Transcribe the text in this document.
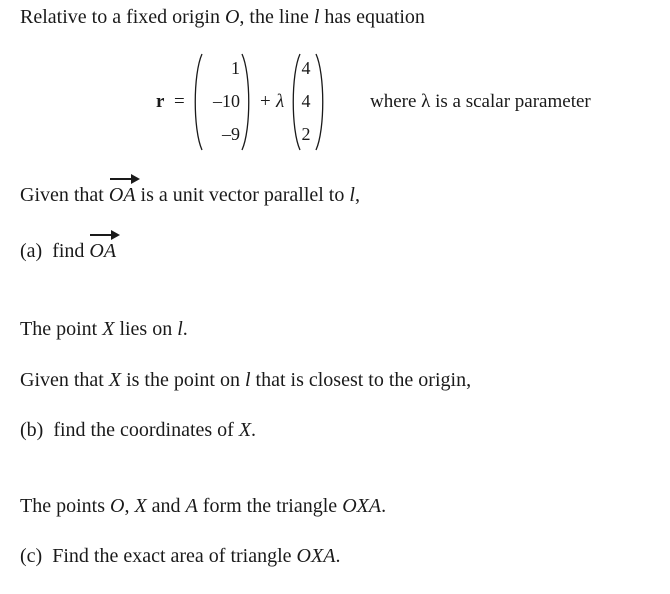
Relative to a fixed origin O, the line l has equation
r =
1
–10
–9
+ λ
4
4
2
where λ is a scalar parameter
Given that OA is a unit vector parallel to l,
(a) find OA
The point X lies on l.
Given that X is the point on l that is closest to the origin,
(b) find the coordinates of X.
The points O, X and A form the triangle OXA.
(c) Find the exact area of triangle OXA.
